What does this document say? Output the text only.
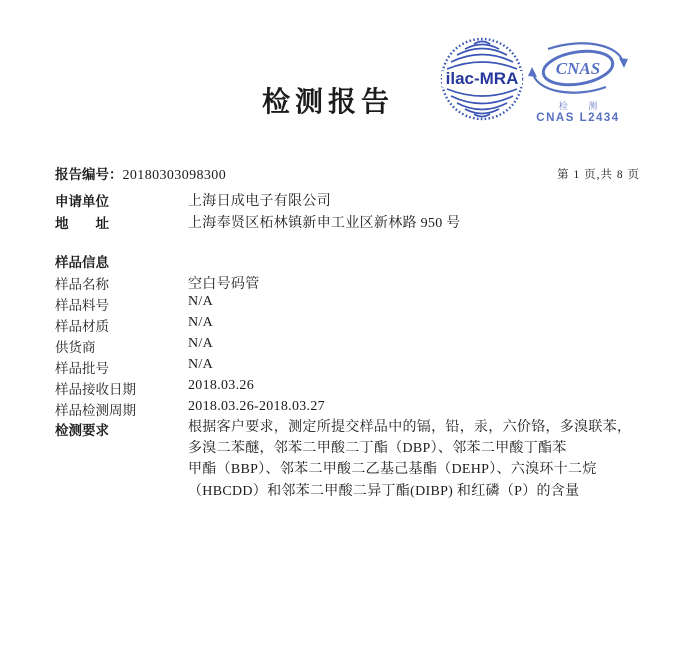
检测报告
ilac-MRA
CNAS
检 测
CNAS L2434
报告编号：20180303098300	第 1 页,共 8 页
申请单位	上海日成电子有限公司
地　　址	上海奉贤区柘林镇新申工业区新林路 950 号
样品信息
样品名称	空白号码管
样品料号	N/A
样品材质	N/A
供货商	N/A
样品批号	N/A
样品接收日期	2018.03.26
样品检测周期	2018.03.26-2018.03.27
检测要求	根据客户要求，测定所提交样品中的镉，铅，汞，六价铬，多溴联苯，
多溴二苯醚，邻苯二甲酸二丁酯（DBP）、邻苯二甲酸丁酯苯
甲酯（BBP）、邻苯二甲酸二乙基己基酯（DEHP）、六溴环十二烷
（HBCDD）和邻苯二甲酸二异丁酯(DIBP) 和红磷（P）的含量
